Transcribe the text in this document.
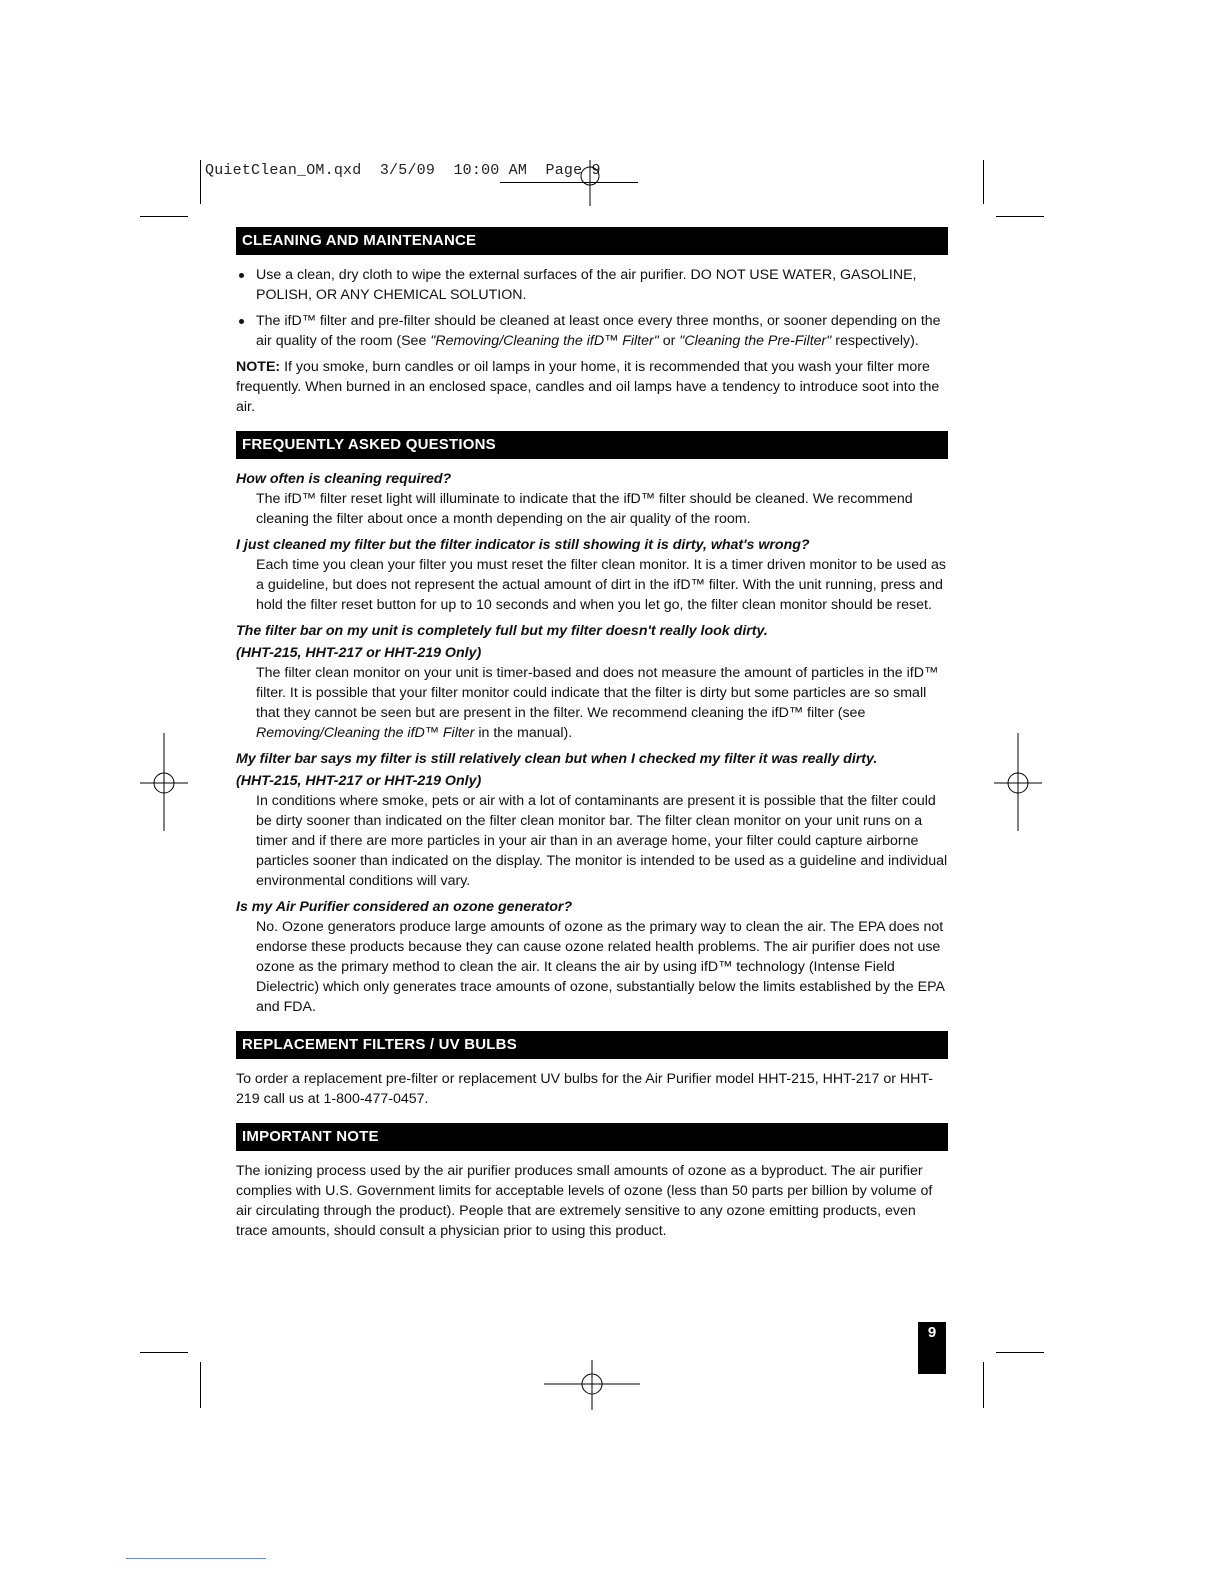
QuietClean_OM.qxd 3/5/09 10:00 AM Page 9
CLEANING AND MAINTENANCE
Use a clean, dry cloth to wipe the external surfaces of the air purifier. DO NOT USE WATER, GASOLINE, POLISH, OR ANY CHEMICAL SOLUTION.
The ifD™ filter and pre-filter should be cleaned at least once every three months, or sooner depending on the air quality of the room (See "Removing/Cleaning the ifD™ Filter" or "Cleaning the Pre-Filter" respectively).

NOTE: If you smoke, burn candles or oil lamps in your home, it is recommended that you wash your filter more frequently. When burned in an enclosed space, candles and oil lamps have a tendency to introduce soot into the air.

FREQUENTLY ASKED QUESTIONS
How often is cleaning required?
The ifD™ filter reset light will illuminate to indicate that the ifD™ filter should be cleaned. We recommend cleaning the filter about once a month depending on the air quality of the room.
I just cleaned my filter but the filter indicator is still showing it is dirty, what's wrong?
Each time you clean your filter you must reset the filter clean monitor. It is a timer driven monitor to be used as a guideline, but does not represent the actual amount of dirt in the ifD™ filter. With the unit running, press and hold the filter reset button for up to 10 seconds and when you let go, the filter clean monitor should be reset.
The filter bar on my unit is completely full but my filter doesn't really look dirty.
(HHT-215, HHT-217 or HHT-219 Only)
The filter clean monitor on your unit is timer-based and does not measure the amount of particles in the ifD™ filter. It is possible that your filter monitor could indicate that the filter is dirty but some particles are so small that they cannot be seen but are present in the filter. We recommend cleaning the ifD™ filter (see Removing/Cleaning the ifD™ Filter in the manual).
My filter bar says my filter is still relatively clean but when I checked my filter it was really dirty.
(HHT-215, HHT-217 or HHT-219 Only)
In conditions where smoke, pets or air with a lot of contaminants are present it is possible that the filter could be dirty sooner than indicated on the filter clean monitor bar. The filter clean monitor on your unit runs on a timer and if there are more particles in your air than in an average home, your filter could capture airborne particles sooner than indicated on the display. The monitor is intended to be used as a guideline and individual environmental conditions will vary.
Is my Air Purifier considered an ozone generator?
No. Ozone generators produce large amounts of ozone as the primary way to clean the air. The EPA does not endorse these products because they can cause ozone related health problems. The air purifier does not use ozone as the primary method to clean the air. It cleans the air by using ifD™ technology (Intense Field Dielectric) which only generates trace amounts of ozone, substantially below the limits established by the EPA and FDA.
REPLACEMENT FILTERS / UV BULBS

To order a replacement pre-filter or replacement UV bulbs for the Air Purifier model HHT-215, HHT-217 or HHT-219 call us at 1-800-477-0457.

IMPORTANT NOTE

The ionizing process used by the air purifier produces small amounts of ozone as a byproduct. The air purifier complies with U.S. Government limits for acceptable levels of ozone (less than 50 parts per billion by volume of air circulating through the product). People that are extremely sensitive to any ozone emitting products, even trace amounts, should consult a physician prior to using this product.

9
